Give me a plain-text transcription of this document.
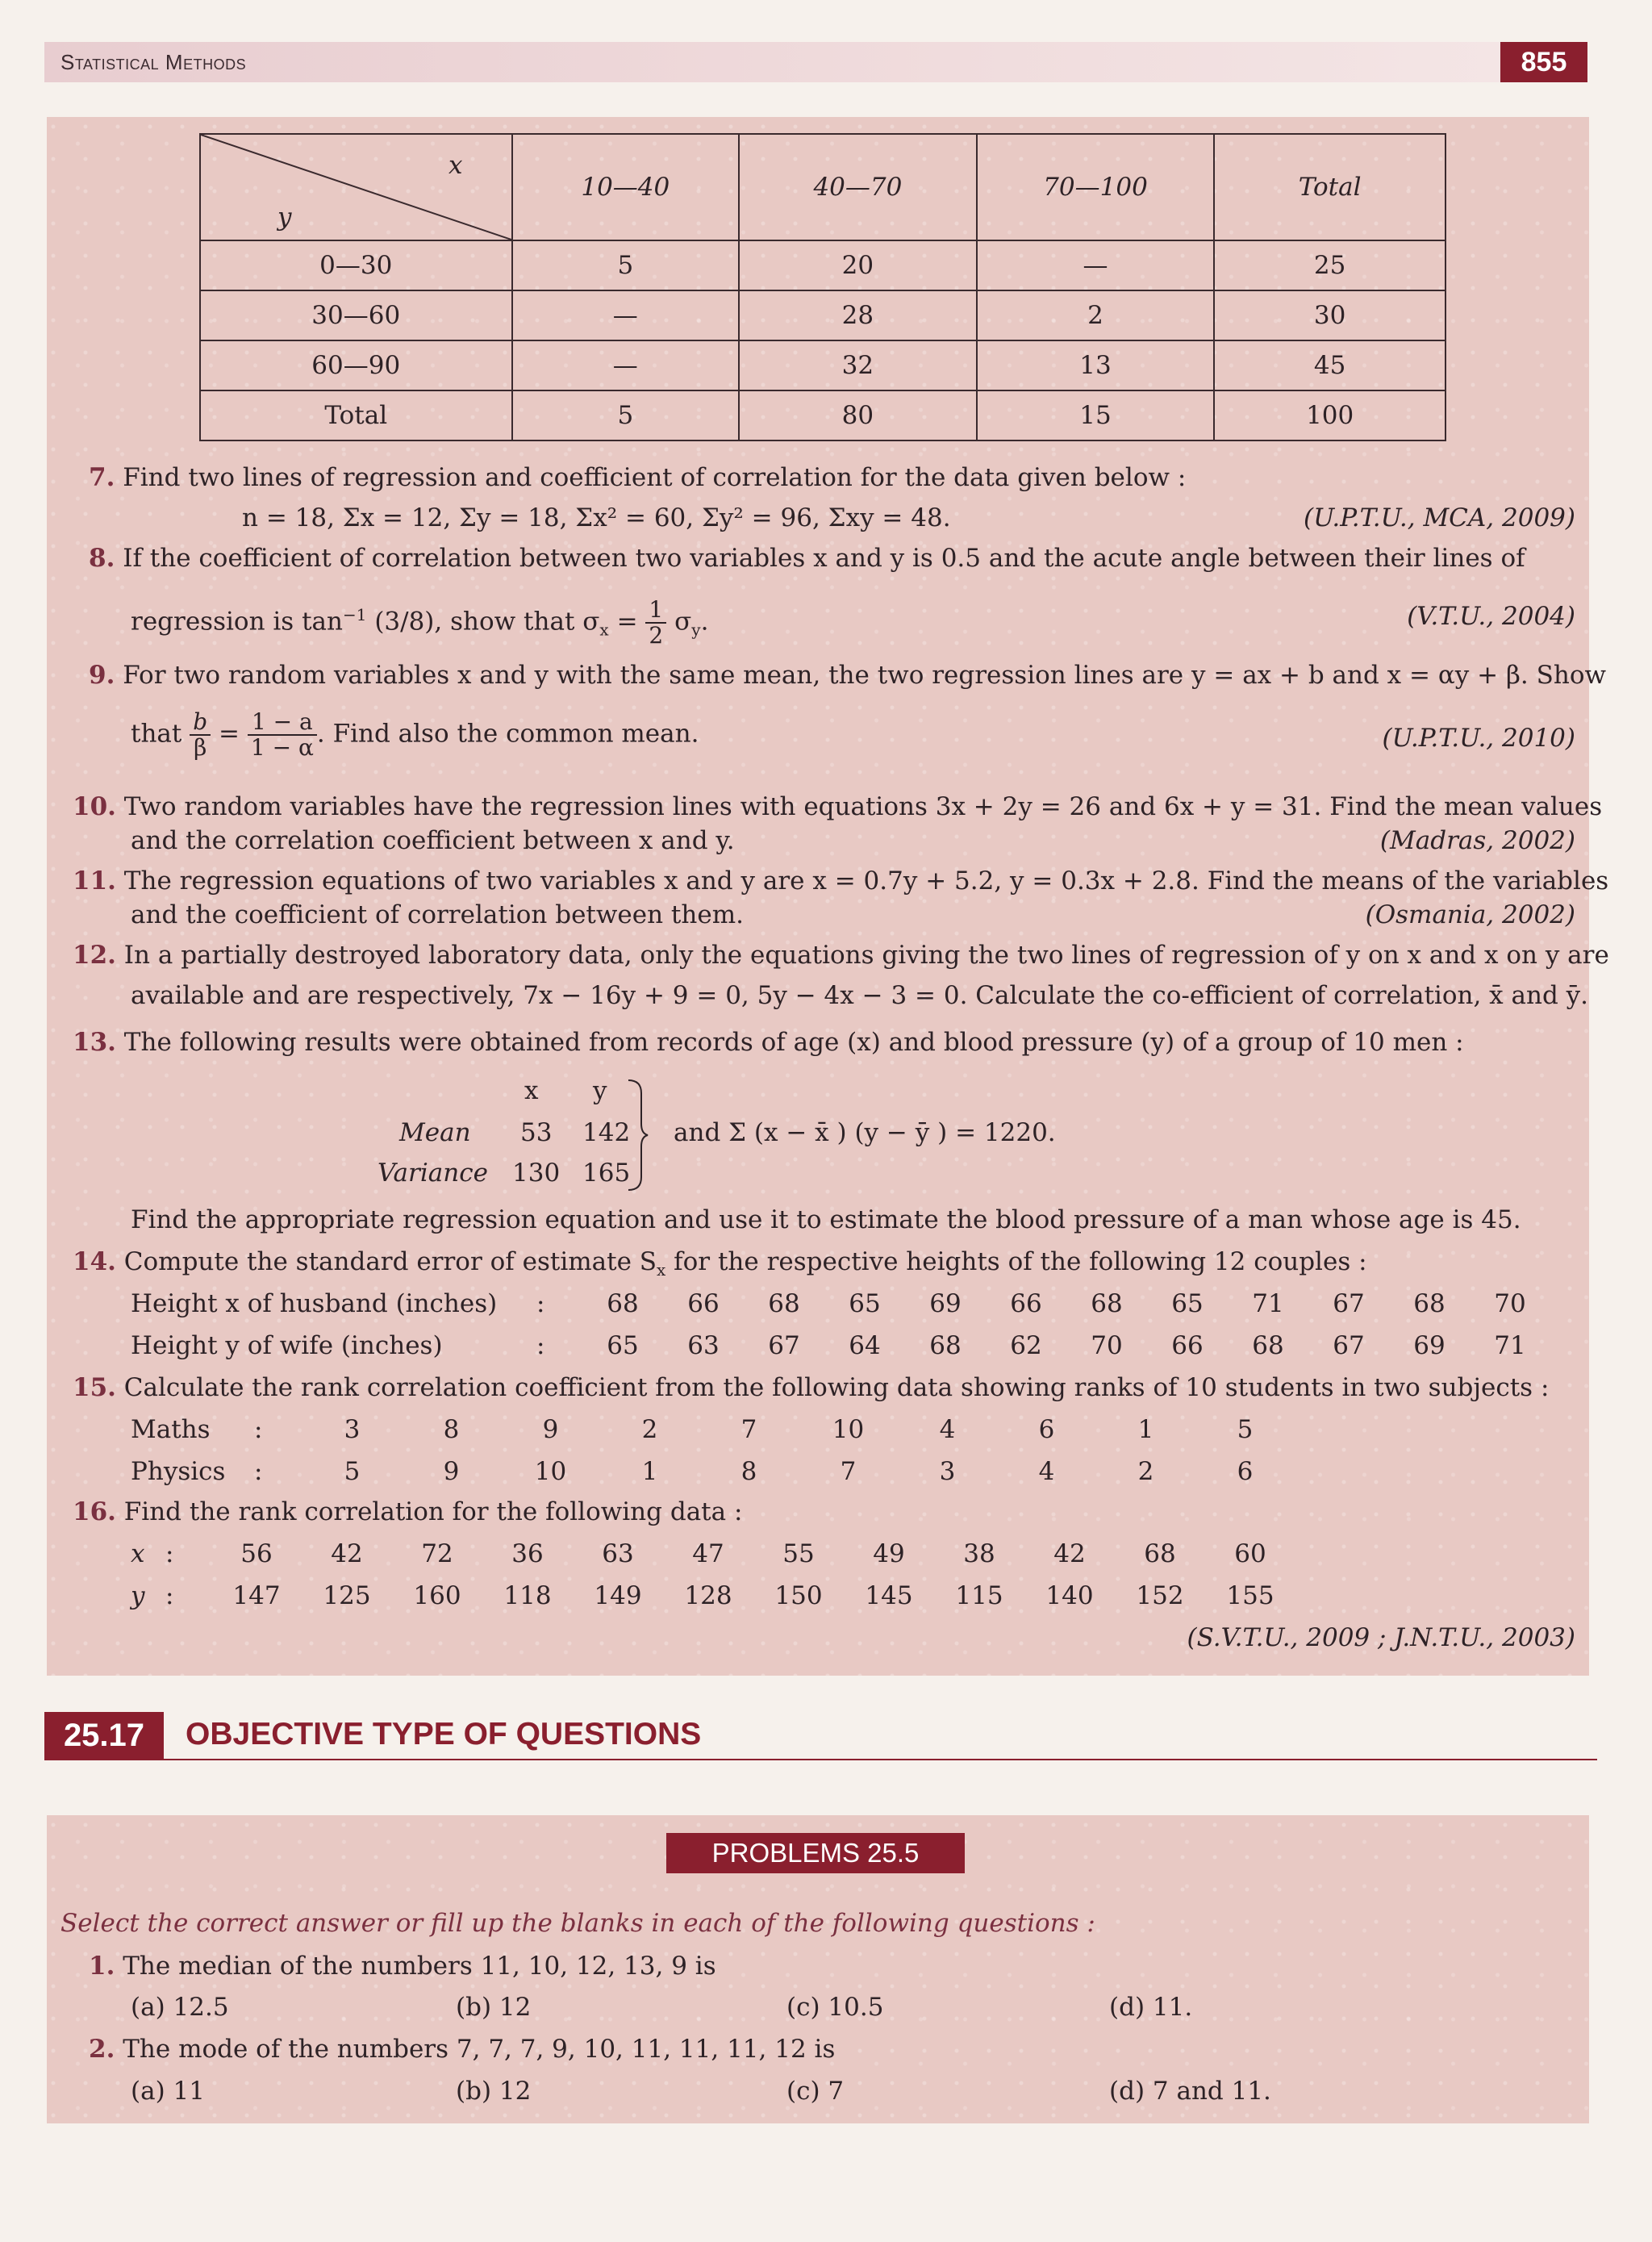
Statistical Methods	855
x
y	10—40	40—70	70—100	Total
0—30	5	20	—	25
30—60	—	28	2	30
60—90	—	32	13	45
Total	5	80	15	100
7. Find two lines of regression and coefficient of correlation for the data given below :
n = 18, Σx = 12, Σy = 18, Σx² = 60, Σy² = 96, Σxy = 48.	(U.P.T.U., MCA, 2009)
8. If the coefficient of correlation between two variables x and y is 0.5 and the acute angle between their lines of
regression is $\tan^{-1} (3/8)$, show that $\sigma_x = \frac{1}{2} \sigma_y$.	(V.T.U., 2004)
9. For two random variables x and y with the same mean, the two regression lines are y = ax + b and x = αy + β. Show
that $\frac{b}{\beta} = \frac{1 - a}{1 - \alpha}$ . Find also the common mean.	(U.P.T.U., 2010)
10. Two random variables have the regression lines with equations 3x + 2y = 26 and 6x + y = 31. Find the mean values
and the correlation coefficient between x and y.	(Madras, 2002)
11. The regression equations of two variables x and y are x = 0.7y + 5.2, y = 0.3x + 2.8. Find the means of the variables
and the coefficient of correlation between them.	(Osmania, 2002)
12. In a partially destroyed laboratory data, only the equations giving the two lines of regression of y on x and x on y are
available and are respectively, 7x − 16y + 9 = 0, 5y − 4x − 3 = 0. Calculate the co-efficient of correlation, x̄ and ȳ.
13. The following results were obtained from records of age (x) and blood pressure (y) of a group of 10 men :
x y
Mean 53 142
Variance 130 165
and Σ (x − x̄ ) (y − ȳ ) = 1220.
Find the appropriate regression equation and use it to estimate the blood pressure of a man whose age is 45.
14. Compute the standard error of estimate $S_x$ for the respective heights of the following 12 couples :
Height x of husband (inches) :	68	66	68	65	69	66	68	65	71	67	68	70
Height y of wife (inches)	:	65	63	67	64	68	62	70	66	68	67	69	71
15. Calculate the rank correlation coefficient from the following data showing ranks of 10 students in two subjects :
Maths :	3	8	9	2	7	10	4	6	1	5
Physics :	5	9	10	1	8	7	3	4	2	6
16. Find the rank correlation for the following data :
x :	56	42	72	36	63	47	55	49	38	42	68	60
y :	147	125	160	118	149	128	150	145	115	140	152	155
(S.V.T.U., 2009 ; J.N.T.U., 2003)
25.17	OBJECTIVE TYPE OF QUESTIONS
PROBLEMS 25.5
Select the correct answer or fill up the blanks in each of the following questions :
1. The median of the numbers 11, 10, 12, 13, 9 is
(a) 12.5	(b) 12	(c) 10.5	(d) 11.
2. The mode of the numbers 7, 7, 7, 9, 10, 11, 11, 11, 12 is
(a) 11	(b) 12	(c) 7	(d) 7 and 11.
